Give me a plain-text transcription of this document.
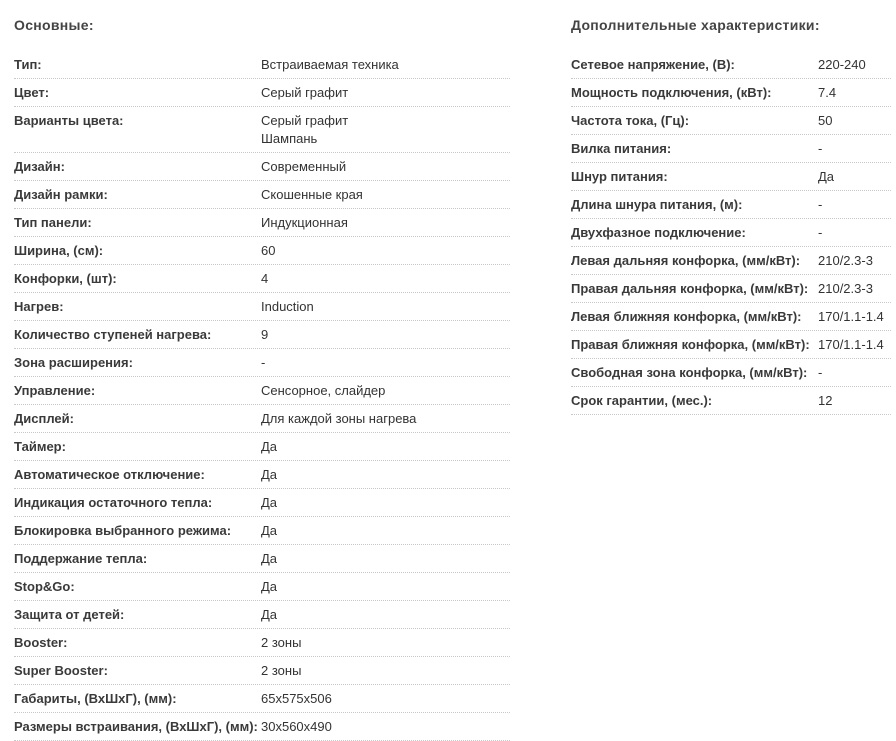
Основные:
Тип:	Встраиваемая техника
Цвет:	Серый графит
Варианты цвета:	Серый графит
Шампань
Дизайн:	Современный
Дизайн рамки:	Скошенные края
Тип панели:	Индукционная
Ширина, (см):	60
Конфорки, (шт):	4
Нагрев:	Induction
Количество ступеней нагрева:	9
Зона расширения:	-
Управление:	Сенсорное, слайдер
Дисплей:	Для каждой зоны нагрева
Таймер:	Да
Автоматическое отключение:	Да
Индикация остаточного тепла:	Да
Блокировка выбранного режима:	Да
Поддержание тепла:	Да
Stop&Go:	Да
Защита от детей:	Да
Booster:	2 зоны
Super Booster:	2 зоны
Габариты, (ВхШхГ), (мм):	65x575x506
Размеры встраивания, (ВхШхГ), (мм): 30x560x490
Дополнительные характеристики:
Сетевое напряжение, (В):	220-240
Мощность подключения, (кВт):	7.4
Частота тока, (Гц):	50
Вилка питания:	-
Шнур питания:	Да
Длина шнура питания, (м):	-
Двухфазное подключение:	-
Левая дальняя конфорка, (мм/кВт):	210/2.3-3
Правая дальняя конфорка, (мм/кВт): 210/2.3-3
Левая ближняя конфорка, (мм/кВт):	170/1.1-1.4
Правая ближняя конфорка, (мм/кВт): 170/1.1-1.4
Свободная зона конфорка, (мм/кВт): -
Срок гарантии, (мес.):	12
